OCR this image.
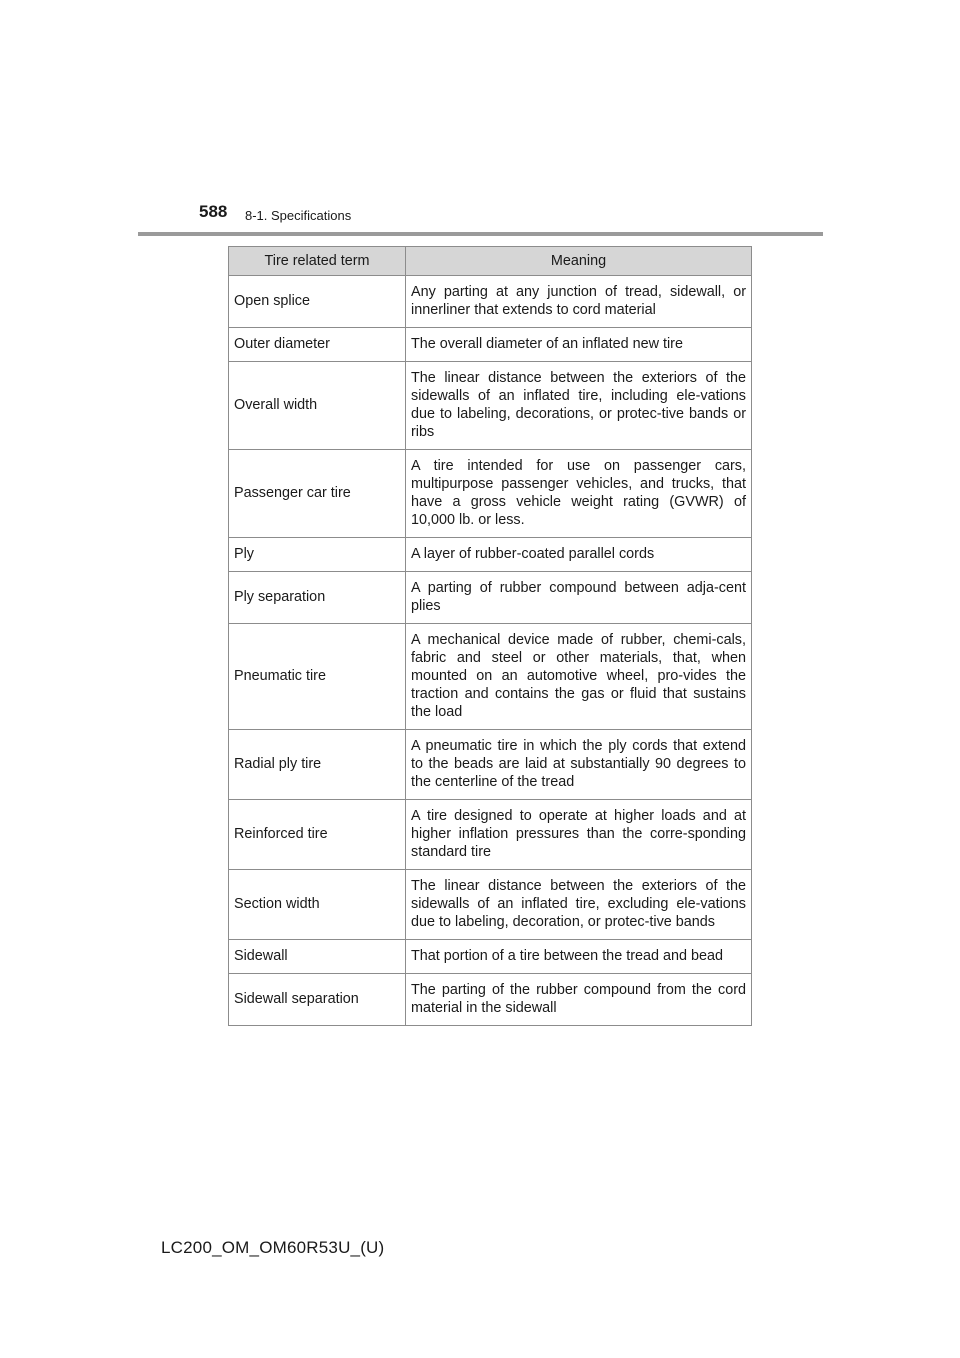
588 8-1. Specifications
Tire related term	Meaning
Open splice	Any parting at any junction of tread, sidewall, or innerliner that extends to cord material
Outer diameter	The overall diameter of an inflated new tire
Overall width	The linear distance between the exteriors of the sidewalls of an inflated tire, including ele-vations due to labeling, decorations, or protec-tive bands or ribs
Passenger car tire	A tire intended for use on passenger cars, multipurpose passenger vehicles, and trucks, that have a gross vehicle weight rating (GVWR) of 10,000 lb. or less.
Ply	A layer of rubber-coated parallel cords
Ply separation	A parting of rubber compound between adja-cent plies
Pneumatic tire	A mechanical device made of rubber, chemi-cals, fabric and steel or other materials, that, when mounted on an automotive wheel, pro-vides the traction and contains the gas or fluid that sustains the load
Radial ply tire	A pneumatic tire in which the ply cords that extend to the beads are laid at substantially 90 degrees to the centerline of the tread
Reinforced tire	A tire designed to operate at higher loads and at higher inflation pressures than the corre-sponding standard tire
Section width	The linear distance between the exteriors of the sidewalls of an inflated tire, excluding ele-vations due to labeling, decoration, or protec-tive bands
Sidewall	That portion of a tire between the tread and bead
Sidewall separation	The parting of the rubber compound from the cord material in the sidewall
LC200_OM_OM60R53U_(U)
